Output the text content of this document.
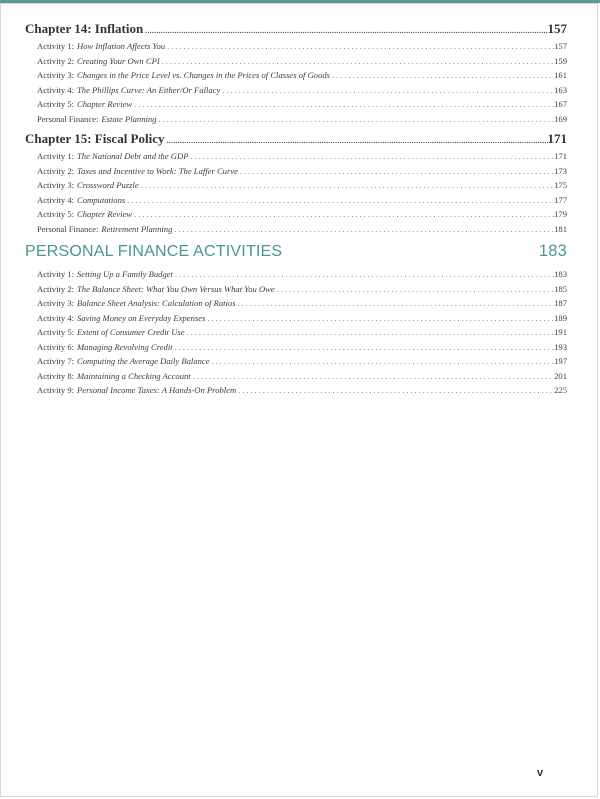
Chapter 14: Inflation .....	157
Activity 1: How Inflation Affects You .....	157
Activity 2: Creating Your Own CPI .....	159
Activity 3: Changes in the Price Level vs. Changes in the Prices of Classes of Goods .....	161
Activity 4: The Phillips Curve: An Either/Or Fallacy .....	163
Activity 5: Chapter Review .....	167
Personal Finance: Estate Planning .....	169
Chapter 15: Fiscal Policy .....	171
Activity 1: The National Debt and the GDP .....	171
Activity 2: Taxes and Incentive to Work: The Laffer Curve .....	173
Activity 3: Crossword Puzzle .....	175
Activity 4: Computations .....	177
Activity 5: Chapter Review .....	179
Personal Finance: Retirement Planning .....	181
PERSONAL FINANCE ACTIVITIES	183
Activity 1: Setting Up a Family Budget .....	183
Activity 2: The Balance Sheet: What You Own Versus What You Owe .....	185
Activity 3: Balance Sheet Analysis: Calculation of Ratios .....	187
Activity 4: Saving Money on Everyday Expenses .....	189
Activity 5: Extent of Consumer Credit Use .....	191
Activity 6: Managing Revolving Credit .....	193
Activity 7: Computing the Average Daily Balance .....	197
Activity 8: Maintaining a Checking Account .....	201
Activity 9: Personal Income Taxes: A Hands-On Problem .....	225
v
